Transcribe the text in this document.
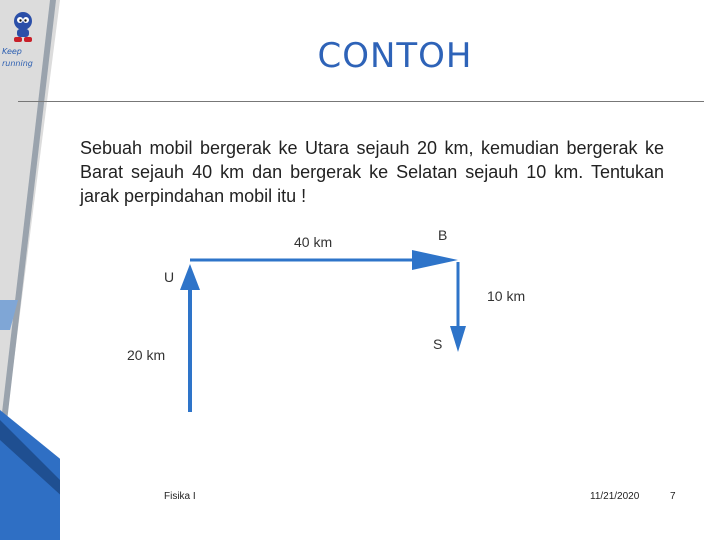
Keep
running	CONTOH
Sebuah mobil bergerak ke Utara sejauh 20 km, kemudian bergerak ke Barat sejauh 40 km dan bergerak ke Selatan sejauh 10 km. Tentukan jarak perpindahan mobil itu !
40 km	B
U
10 km
S
20 km
Fisika I	11/21/2020	7
